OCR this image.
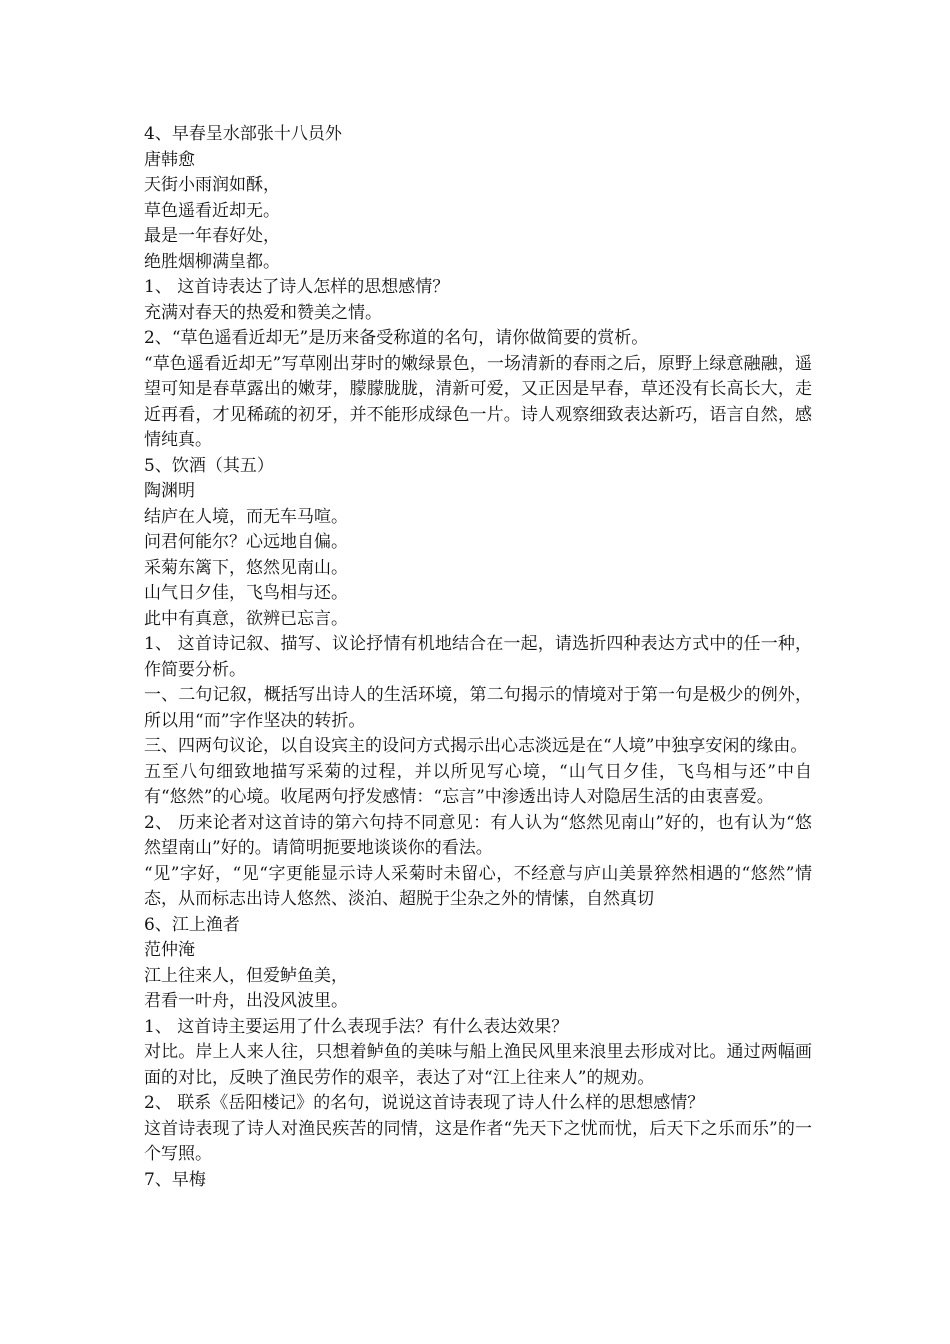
4、早春呈水部张十八员外

唐韩愈

天街小雨润如酥，

草色遥看近却无。

最是一年春好处，

绝胜烟柳满皇都。

1、 这首诗表达了诗人怎样的思想感情？

充满对春天的热爱和赞美之情。

2、“草色遥看近却无”是历来备受称道的名句，请你做简要的赏析。

“草色遥看近却无”写草刚出芽时的嫩绿景色，一场清新的春雨之后，原野上绿意融融，遥望可知是春草露出的嫩芽，朦朦胧胧，清新可爱，又正因是早春，草还没有长高长大，走近再看，才见稀疏的初牙，并不能形成绿色一片。诗人观察细致表达新巧，语言自然，感情纯真。

5、饮酒（其五）

陶渊明

结庐在人境，而无车马喧。

问君何能尔？心远地自偏。

采菊东篱下，悠然见南山。

山气日夕佳，飞鸟相与还。

此中有真意，欲辨已忘言。

1、 这首诗记叙、描写、议论抒情有机地结合在一起，请选折四种表达方式中的任一种，作简要分析。

一、二句记叙，概括写出诗人的生活环境，第二句揭示的情境对于第一句是极少的例外，所以用“而”字作坚决的转折。

三、四两句议论，以自设宾主的设问方式揭示出心志淡远是在“人境”中独享安闲的缘由。

五至八句细致地描写采菊的过程，并以所见写心境，“山气日夕佳，飞鸟相与还”中自有“悠然”的心境。收尾两句抒发感情：“忘言”中渗透出诗人对隐居生活的由衷喜爱。

2、 历来论者对这首诗的第六句持不同意见：有人认为“悠然见南山”好的，也有认为“悠然望南山”好的。请简明扼要地谈谈你的看法。

“见”字好，“见“字更能显示诗人采菊时未留心，不经意与庐山美景猝然相遇的“悠然”情态，从而标志出诗人悠然、淡泊、超脱于尘杂之外的情愫，自然真切

6、江上渔者

范仲淹

江上往来人，但爱鲈鱼美，

君看一叶舟，出没风波里。

1、 这首诗主要运用了什么表现手法？有什么表达效果？

对比。岸上人来人往，只想着鲈鱼的美味与船上渔民风里来浪里去形成对比。通过两幅画面的对比，反映了渔民劳作的艰辛，表达了对“江上往来人”的规劝。

2、 联系《岳阳楼记》的名句，说说这首诗表现了诗人什么样的思想感情？

这首诗表现了诗人对渔民疾苦的同情，这是作者“先天下之忧而忧，后天下之乐而乐”的一个写照。

7、早梅
